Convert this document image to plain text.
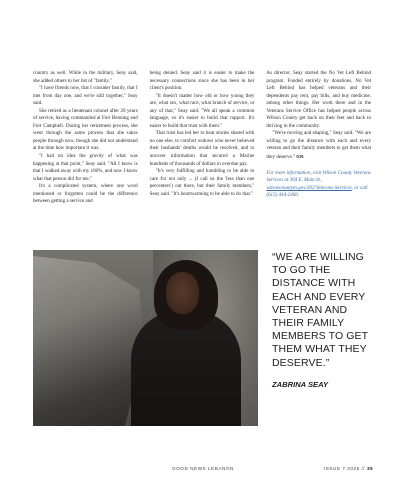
country as well. While in the military, Seay said, she added others to her list of "family."

"I have friends now, that I consider family, that I met from day one, and we're still together," Seay said.

She retired as a lieutenant colonel after 20 years of service, having commanded at Fort Benning and Fort Campbell. During her retirement process, she went through the same process that she takes people through now, though she did not understand at the time how important it was.

"I had no idea the gravity of what was happening at that point," Seay said. "All I know is that I walked away with my 100%, and now I know what that person did for me."

It's a complicated system, where one word mentioned or forgotten could be the difference between getting a service and

being denied. Seay said it is easier to make the necessary connections since she has been in her client's position.

"It doesn't matter how old or how young they are, what sex, what race, what branch of service, or any of that," Seay said. "We all speak a common language, so it's easier to build that rapport. It's easier to build that trust with them."

That trust has led her to hear stories shared with no one else, to comfort widows who never believed their husbands' deaths would be resolved, and to uncover information that secured a Marine hundreds of thousands of dollars in overdue pay.

"It's very fulfilling and humbling to be able to care for not only ... (I call us the 'less than one percenters') out there, but their family members," Seay said. "It's heartwarming to be able to do that."

As director, Seay started the No Vet Left Behind program. Funded entirely by donations, No Vet Left Behind has helped veterans and their dependents pay rent, pay bills, and buy medicine, among other things. Her work there and in the Veterans Service Office has helped people across Wilson County get back on their feet and back to thriving in the community.

"We're moving and shaping," Seay said. "We are willing to go the distance with each and every veteran and their family members to get them what they deserve." GN

For more information, visit Wilson County Veterans Services at 304 E. Main St., wilsoncountytn.gov/202/Veterans-Services, or call (615) 444-2460.

“WE ARE WILLING TO GO THE DISTANCE WITH EACH AND EVERY VETERAN AND THEIR FAMILY MEMBERS TO GET THEM WHAT THEY DESERVE.”
ZABRINA SEAY
GOOD NEWS LEBANON	ISSUE 7 2025 // 35
